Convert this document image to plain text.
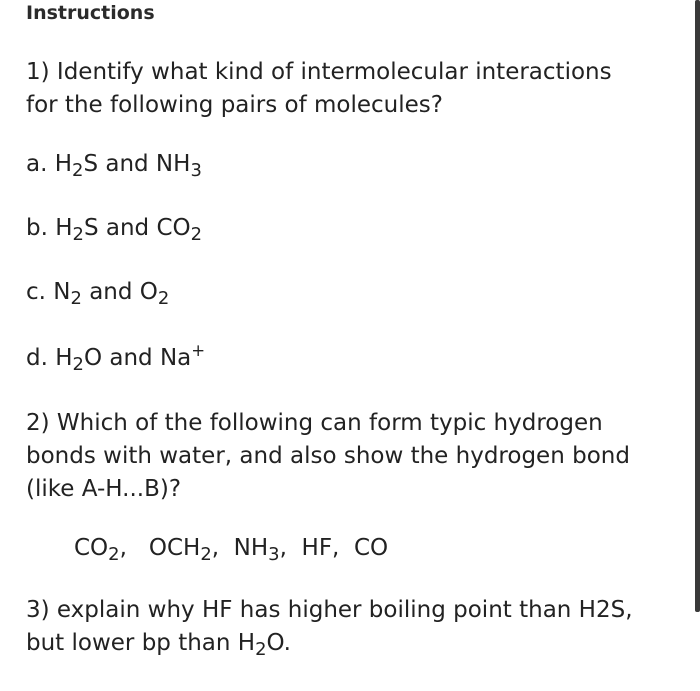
Instructions
1) Identify what kind of intermolecular interactions
for the following pairs of molecules?
a. $H_2S$ and $NH_3$
b. $H_2S$ and $CO_2$
c. $N_2$ and $O_2$
d. $H_2O$ and Na+
2) Which of the following can form typic hydrogen
bonds with water, and also show the hydrogen bond
(like A-H...B)?
$CO_2$, $OCH_2$, $NH_3$, HF, CO
3) explain why HF has higher boiling point than H2S,
but lower bp than $H_2O$.
